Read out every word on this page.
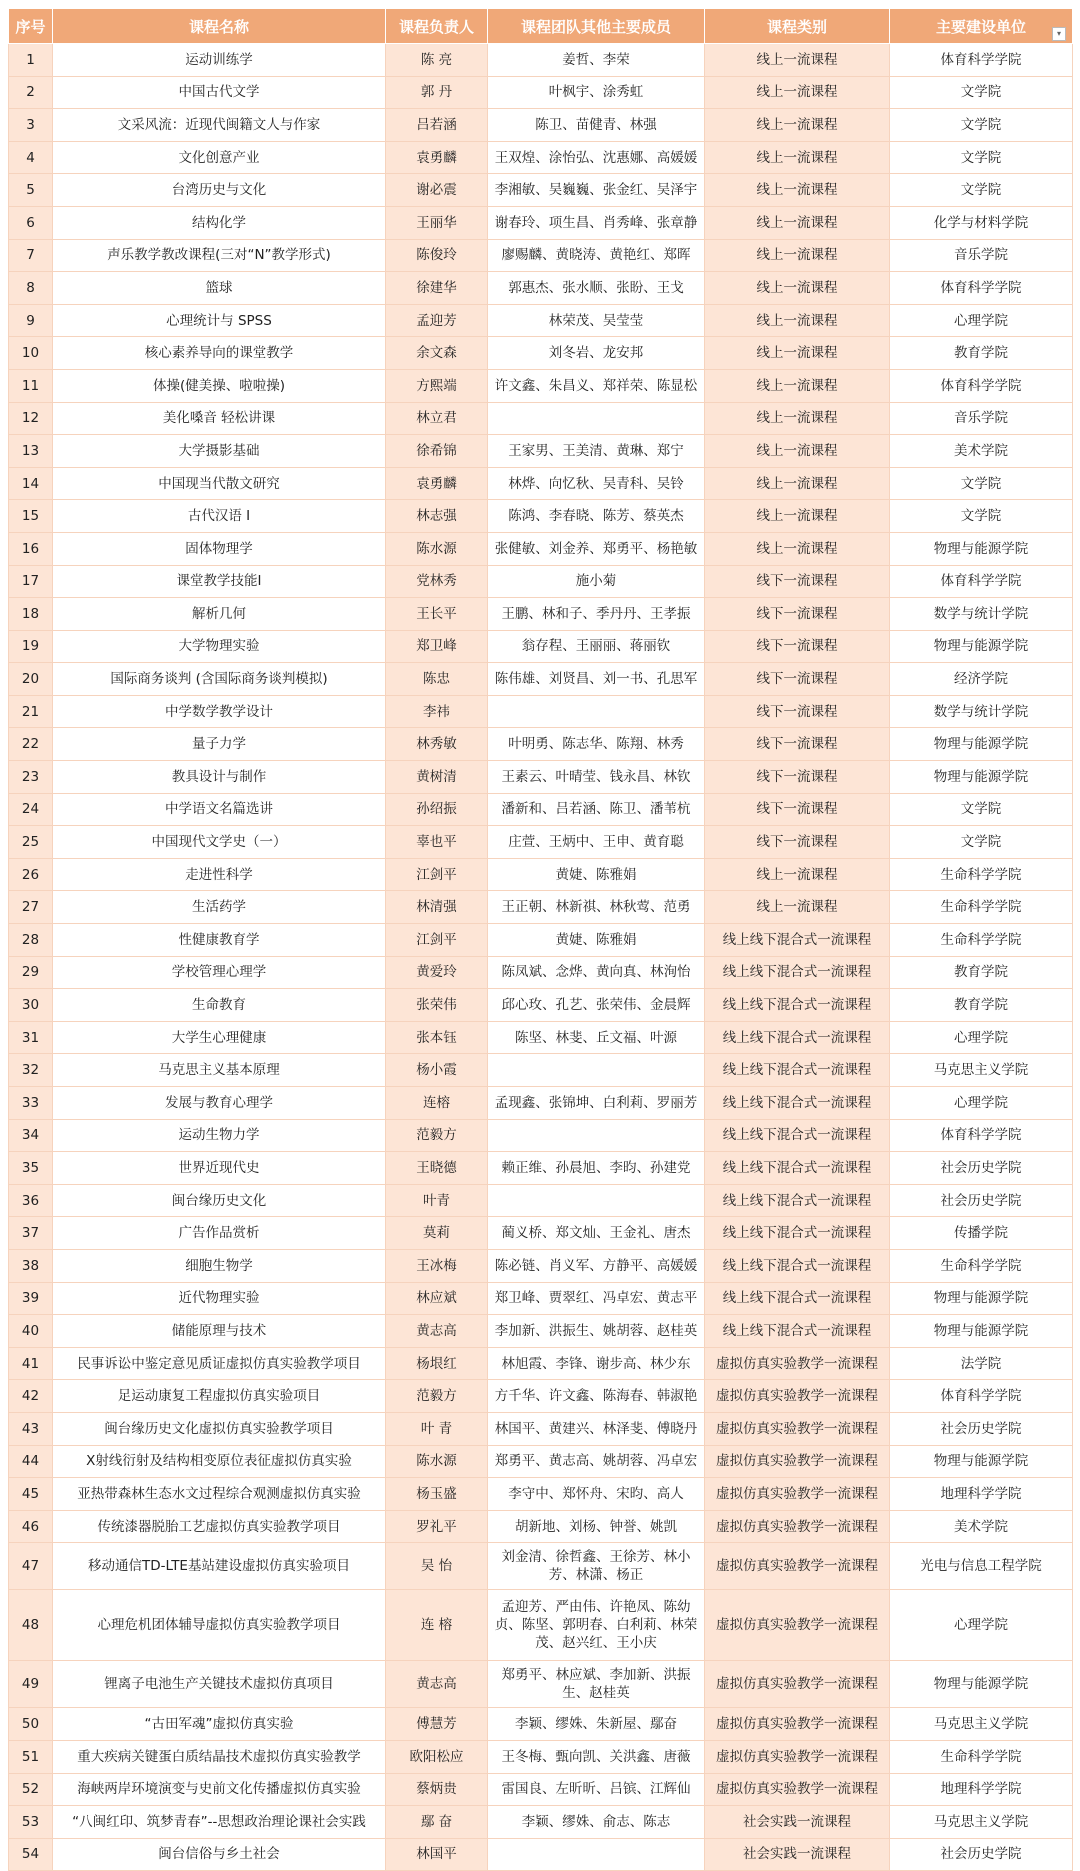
序号	课程名称	课程负责人	课程团队其他主要成员	课程类别	主要建设单位 ▾

1	运动训练学	陈 亮	姜哲、李荣	线上一流课程	体育科学学院
2	中国古代文学	郭 丹	叶枫宇、涂秀虹	线上一流课程	文学院
3	文采风流：近现代闽籍文人与作家	吕若涵	陈卫、苗健青、林强	线上一流课程	文学院
4	文化创意产业	袁勇麟	王双煌、涂怡弘、沈惠娜、高媛媛	线上一流课程	文学院
5	台湾历史与文化	谢必震	李湘敏、吴巍巍、张金红、吴泽宇	线上一流课程	文学院
6	结构化学	王丽华	谢春玲、项生昌、肖秀峰、张章静	线上一流课程	化学与材料学院
7	声乐教学教改课程(三对“N”教学形式)	陈俊玲	廖赐麟、黄晓涛、黄艳红、郑晖	线上一流课程	音乐学院
8	篮球	徐建华	郭惠杰、张水顺、张盼、王戈	线上一流课程	体育科学学院
9	心理统计与 SPSS	孟迎芳	林荣茂、吴莹莹	线上一流课程	心理学院
10	核心素养导向的课堂教学	余文森	刘冬岩、龙安邦	线上一流课程	教育学院
11	体操(健美操、啦啦操)	方熙端	许文鑫、朱昌义、郑祥荣、陈显松	线上一流课程	体育科学学院
12	美化嗓音 轻松讲课	林立君		线上一流课程	音乐学院
13	大学摄影基础	徐希锦	王家男、王美清、黄琳、郑宁	线上一流课程	美术学院
14	中国现当代散文研究	袁勇麟	林烨、向忆秋、吴青科、吴铃	线上一流课程	文学院
15	古代汉语 I	林志强	陈鸿、李春晓、陈芳、蔡英杰	线上一流课程	文学院
16	固体物理学	陈水源	张健敏、刘金养、郑勇平、杨艳敏	线上一流课程	物理与能源学院
17	课堂教学技能I	党林秀	施小菊	线下一流课程	体育科学学院
18	解析几何	王长平	王鹏、林和子、季丹丹、王孝振	线下一流课程	数学与统计学院
19	大学物理实验	郑卫峰	翁存程、王丽丽、蒋丽钦	线下一流课程	物理与能源学院
20	国际商务谈判 (含国际商务谈判模拟)	陈忠	陈伟雄、刘贤昌、刘一书、孔思军	线下一流课程	经济学院
21	中学数学教学设计	李祎		线下一流课程	数学与统计学院
22	量子力学	林秀敏	叶明勇、陈志华、陈翔、林秀	线下一流课程	物理与能源学院
23	教具设计与制作	黄树清	王素云、叶晴莹、钱永昌、林钦	线下一流课程	物理与能源学院
24	中学语文名篇选讲	孙绍振	潘新和、吕若涵、陈卫、潘苇杭	线下一流课程	文学院
25	中国现代文学史（一）	辜也平	庄萱、王炳中、王申、黄育聪	线下一流课程	文学院
26	走进性科学	江剑平	黄婕、陈雅娟	线上一流课程	生命科学学院
27	生活药学	林清强	王正朝、林新祺、林秋莺、范勇	线上一流课程	生命科学学院
28	性健康教育学	江剑平	黄婕、陈雅娟	线上线下混合式一流课程	生命科学学院
29	学校管理心理学	黄爱玲	陈凤斌、念烨、黄向真、林洵怡	线上线下混合式一流课程	教育学院
30	生命教育	张荣伟	邱心玫、孔艺、张荣伟、金晨辉	线上线下混合式一流课程	教育学院
31	大学生心理健康	张本钰	陈坚、林斐、丘文福、叶源	线上线下混合式一流课程	心理学院
32	马克思主义基本原理	杨小霞		线上线下混合式一流课程	马克思主义学院
33	发展与教育心理学	连榕	孟现鑫、张锦坤、白利莉、罗丽芳	线上线下混合式一流课程	心理学院
34	运动生物力学	范毅方		线上线下混合式一流课程	体育科学学院
35	世界近现代史	王晓德	赖正维、孙晨旭、李昀、孙建党	线上线下混合式一流课程	社会历史学院
36	闽台缘历史文化	叶青		线上线下混合式一流课程	社会历史学院
37	广告作品赏析	莫莉	蔺义桥、郑文灿、王金礼、唐杰	线上线下混合式一流课程	传播学院
38	细胞生物学	王冰梅	陈必链、肖义军、方静平、高媛媛	线上线下混合式一流课程	生命科学学院
39	近代物理实验	林应斌	郑卫峰、贾翠红、冯卓宏、黄志平	线上线下混合式一流课程	物理与能源学院
40	储能原理与技术	黄志高	李加新、洪振生、姚胡蓉、赵桂英	线上线下混合式一流课程	物理与能源学院
41	民事诉讼中鉴定意见质证虚拟仿真实验教学项目	杨垠红	林旭霞、李锋、谢步高、林少东	虚拟仿真实验教学一流课程	法学院
42	足运动康复工程虚拟仿真实验项目	范毅方	方千华、许文鑫、陈海春、韩淑艳	虚拟仿真实验教学一流课程	体育科学学院
43	闽台缘历史文化虚拟仿真实验教学项目	叶 青	林国平、黄建兴、林泽斐、傅晓丹	虚拟仿真实验教学一流课程	社会历史学院
44	X射线衍射及结构相变原位表征虚拟仿真实验	陈水源	郑勇平、黄志高、姚胡蓉、冯卓宏	虚拟仿真实验教学一流课程	物理与能源学院
45	亚热带森林生态水文过程综合观测虚拟仿真实验	杨玉盛	李守中、郑怀舟、宋昀、高人	虚拟仿真实验教学一流课程	地理科学学院
46	传统漆器脱胎工艺虚拟仿真实验教学项目	罗礼平	胡新地、刘杨、钟誉、姚凯	虚拟仿真实验教学一流课程	美术学院
47	移动通信TD-LTE基站建设虚拟仿真实验项目	吴 怡	刘金清、徐哲鑫、王徐芳、林小芳、林潇、杨正	虚拟仿真实验教学一流课程	光电与信息工程学院
48	心理危机团体辅导虚拟仿真实验教学项目	连 榕	孟迎芳、严由伟、许艳凤、陈幼贞、陈坚、郭明春、白利莉、林荣茂、赵兴红、王小庆	虚拟仿真实验教学一流课程	心理学院
49	锂离子电池生产关键技术虚拟仿真项目	黄志高	郑勇平、林应斌、李加新、洪振生、赵桂英	虚拟仿真实验教学一流课程	物理与能源学院
50	“古田军魂”虚拟仿真实验	傅慧芳	李颖、缪姝、朱新屋、鄢奋	虚拟仿真实验教学一流课程	马克思主义学院
51	重大疾病关键蛋白质结晶技术虚拟仿真实验教学	欧阳松应	王冬梅、甄向凯、关洪鑫、唐薇	虚拟仿真实验教学一流课程	生命科学学院
52	海峡两岸环境演变与史前文化传播虚拟仿真实验	蔡炳贵	雷国良、左昕昕、吕镔、江辉仙	虚拟仿真实验教学一流课程	地理科学学院
53	“八闽红印、筑梦青春”--思想政治理论课社会实践	鄢 奋	李颖、缪姝、俞志、陈志	社会实践一流课程	马克思主义学院
54	闽台信俗与乡土社会	林国平		社会实践一流课程	社会历史学院
